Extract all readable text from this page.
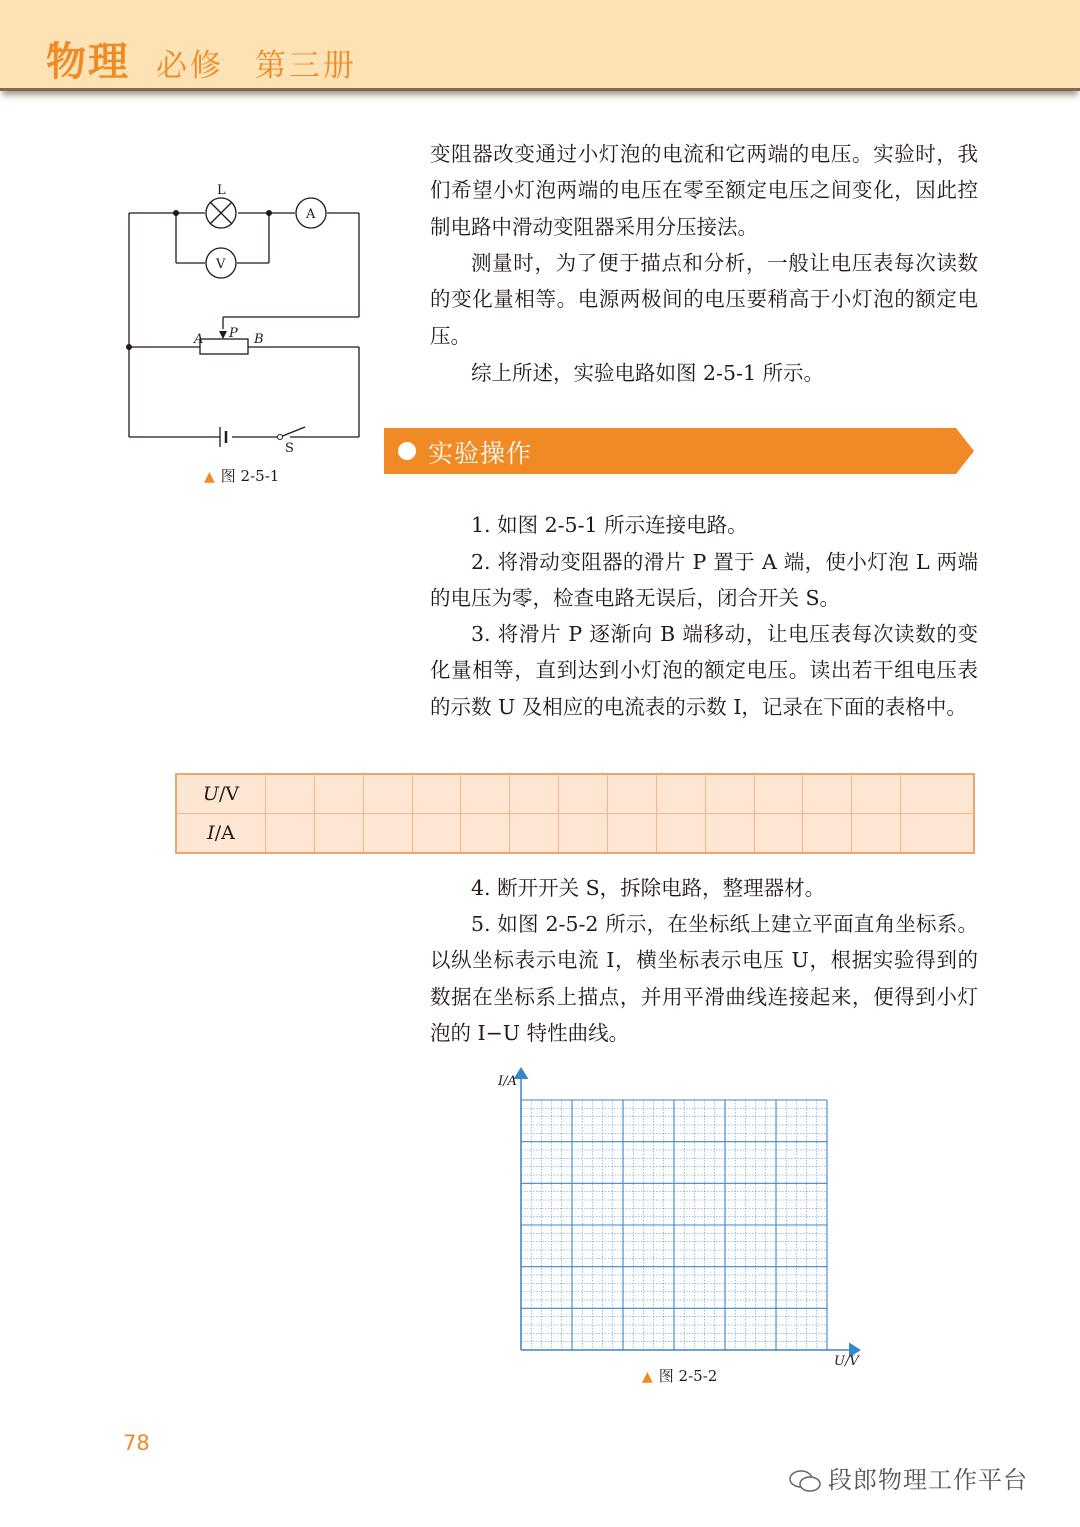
物理 必修 第三册
L
A
V
A P B
S
▲ 图 2-5-1

变阻器改变通过小灯泡的电流和它两端的电压。实验时，我们希望小灯泡两端的电压在零至额定电压之间变化，因此控制电路中滑动变阻器采用分压接法。

测量时，为了便于描点和分析，一般让电压表每次读数的变化量相等。电源两极间的电压要稍高于小灯泡的额定电压。

综上所述，实验电路如图 2-5-1 所示。

实验操作

1. 如图 2-5-1 所示连接电路。

2. 将滑动变阻器的滑片 P 置于 A 端，使小灯泡 L 两端的电压为零，检查电路无误后，闭合开关 S。

3. 将滑片 P 逐渐向 B 端移动，让电压表每次读数的变化量相等，直到达到小灯泡的额定电压。读出若干组电压表的示数 U 及相应的电流表的示数 I，记录在下面的表格中。

U/V														
I/A														

4. 断开开关 S，拆除电路，整理器材。

5. 如图 2-5-2 所示，在坐标纸上建立平面直角坐标系。以纵坐标表示电流 I，横坐标表示电压 U，根据实验得到的数据在坐标系上描点，并用平滑曲线连接起来，便得到小灯泡的 I−U 特性曲线。

I/A
U/V
▲ 图 2-5-2
78
段郎物理工作平台
